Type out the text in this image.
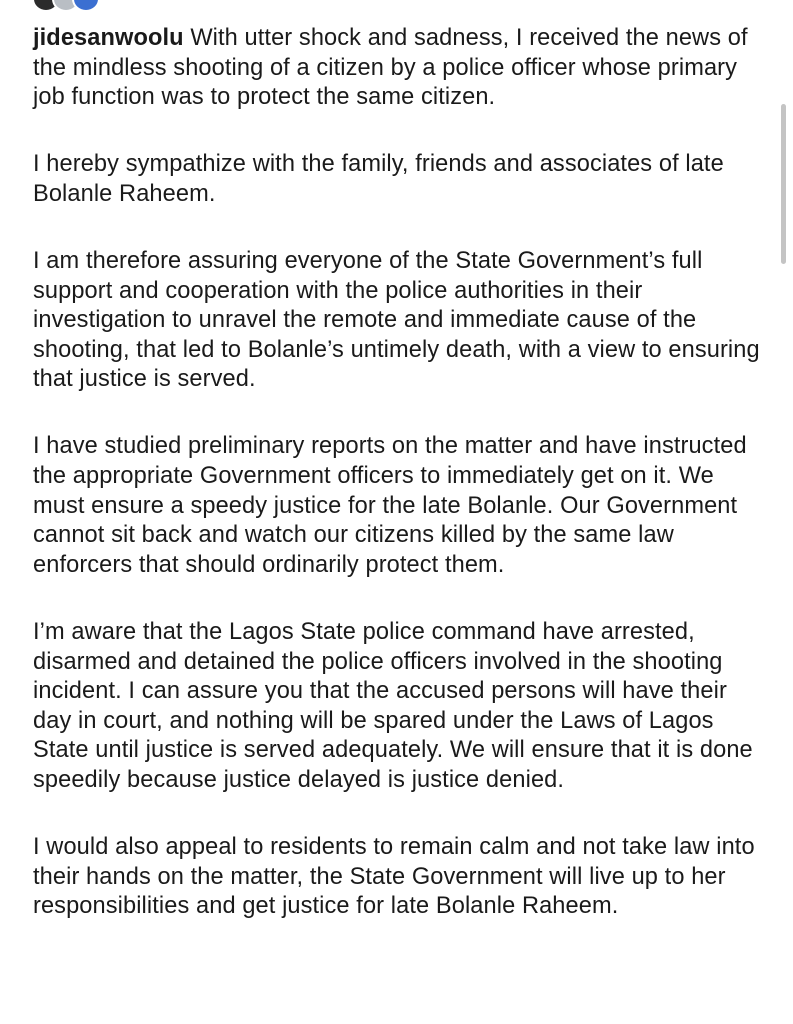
jidesanwoolu With utter shock and sadness, I received the news of the mindless shooting of a citizen by a police officer whose primary job function was to protect the same citizen.

I hereby sympathize with the family, friends and associates of late Bolanle Raheem.

I am therefore assuring everyone of the State Government’s full support and cooperation with the police authorities in their investigation to unravel the remote and immediate cause of the shooting, that led to Bolanle’s untimely death, with a view to ensuring that justice is served.

I have studied preliminary reports on the matter and have instructed the appropriate Government officers to immediately get on it. We must ensure a speedy justice for the late Bolanle. Our Government cannot sit back and watch our citizens killed by the same law enforcers that should ordinarily protect them.

I’m aware that the Lagos State police command have arrested, disarmed and detained the police officers involved in the shooting incident. I can assure you that the accused persons will have their day in court, and nothing will be spared under the Laws of Lagos State until justice is served adequately. We will ensure that it is done speedily because justice delayed is justice denied.

I would also appeal to residents to remain calm and not take law into their hands on the matter, the State Government will live up to her responsibilities and get justice for late Bolanle Raheem.
